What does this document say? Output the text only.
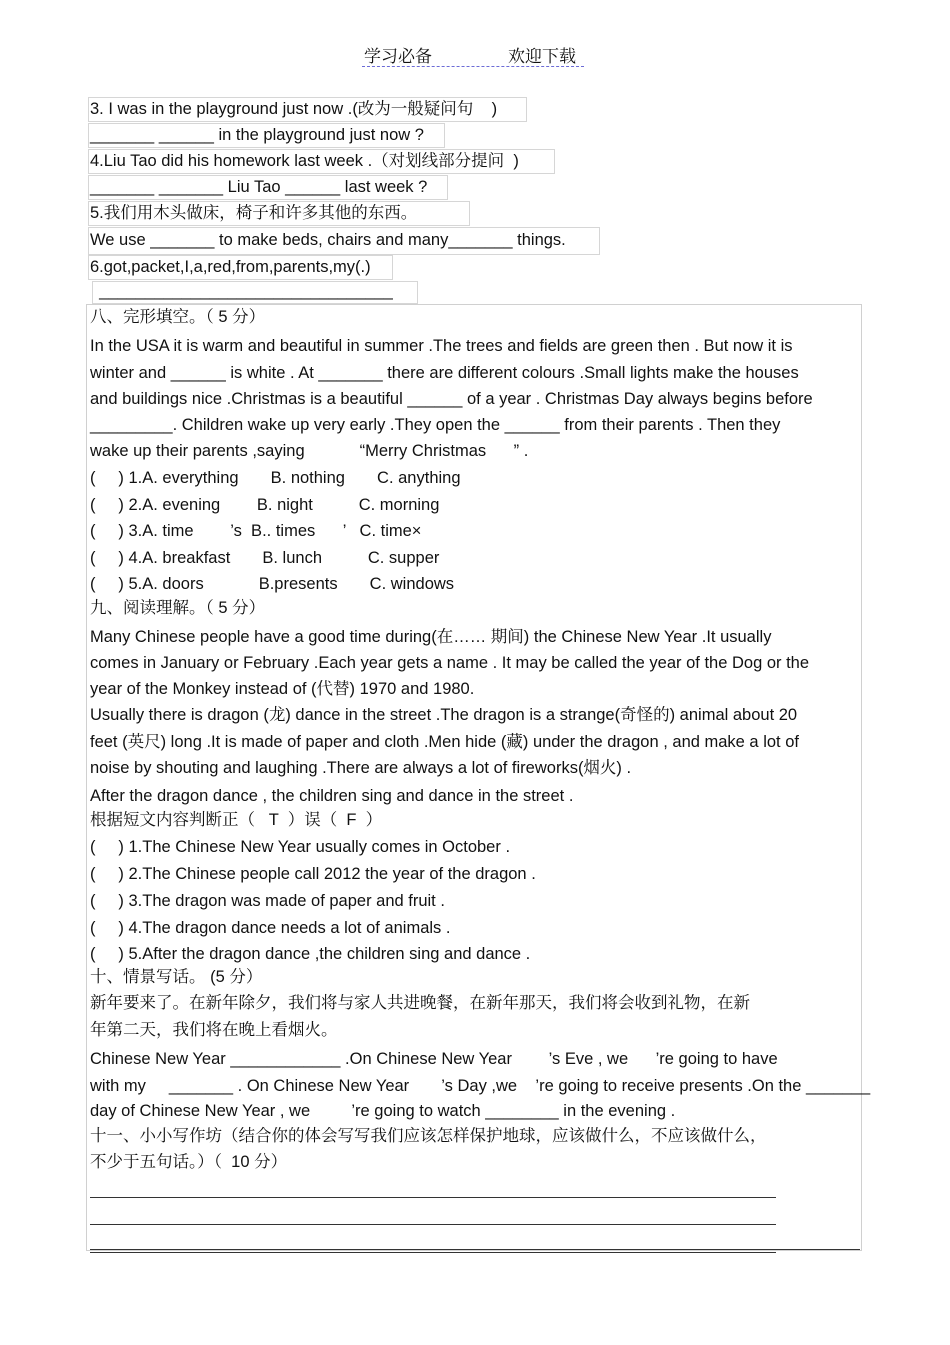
学习必备	欢迎下载
3. I was in the playground just now .(改为一般疑问句    )
_______ ______ in the playground just now ?
4.Liu Tao did his homework last week .（对划线部分提问  )
_______ _______ Liu Tao ______ last week ?
5.我们用木头做床，椅子和许多其他的东西。
We use _______ to make beds, chairs and many_______ things.
6.got,packet,I,a,red,from,parents,my(.)
________________________________
八、完形填空。（ 5 分）
In the USA it is warm and beautiful in summer .The trees and fields are green then . But now it is
winter and ______ is white . At _______ there are different colours .Small lights make the houses
and buildings nice .Christmas is a beautiful ______ of a year . Christmas Day always begins before
_________. Children wake up very early .They open the ______ from their parents . Then they
wake up their parents ,saying            “Merry Christmas      ” .
(     ) 1.A. everything       B. nothing       C. anything
(     ) 2.A. evening        B. night          C. morning
(     ) 3.A. time        ’s  B.. times      ’   C. time×
(     ) 4.A. breakfast       B. lunch          C. supper
(     ) 5.A. doors            B.presents       C. windows
九、阅读理解。（ 5 分）
Many Chinese people have a good time during(在…… 期间) the Chinese New Year .It usually
comes in January or February .Each year gets a name . It may be called the year of the Dog or the
year of the Monkey instead of (代替) 1970 and 1980.
Usually there is dragon (龙) dance in the street .The dragon is a strange(奇怪的) animal about 20
feet (英尺) long .It is made of paper and cloth .Men hide (藏) under the dragon , and make a lot of
noise by shouting and laughing .There are always a lot of fireworks(烟火) .
After the dragon dance , the children sing and dance in the street .
根据短文内容判断正（   T  ）误（  F  ）
(     ) 1.The Chinese New Year usually comes in October .
(     ) 2.The Chinese people call 2012 the year of the dragon .
(     ) 3.The dragon was made of paper and fruit .
(     ) 4.The dragon dance needs a lot of animals .
(     ) 5.After the dragon dance ,the children sing and dance .
十、情景写话。 (5 分）
新年要来了。在新年除夕，我们将与家人共进晚餐，在新年那天，我们将会收到礼物，在新
年第二天，我们将在晚上看烟火。
Chinese New Year ____________ .On Chinese New Year        ’s Eve , we      ’re going to have
with my     _______ . On Chinese New Year       ’s Day ,we    ’re going to receive presents .On the _______
day of Chinese New Year , we         ’re going to watch ________ in the evening .
十一、小小写作坊（结合你的体会写写我们应该怎样保护地球，应该做什么，不应该做什么，
不少于五句话。）（  10 分）
